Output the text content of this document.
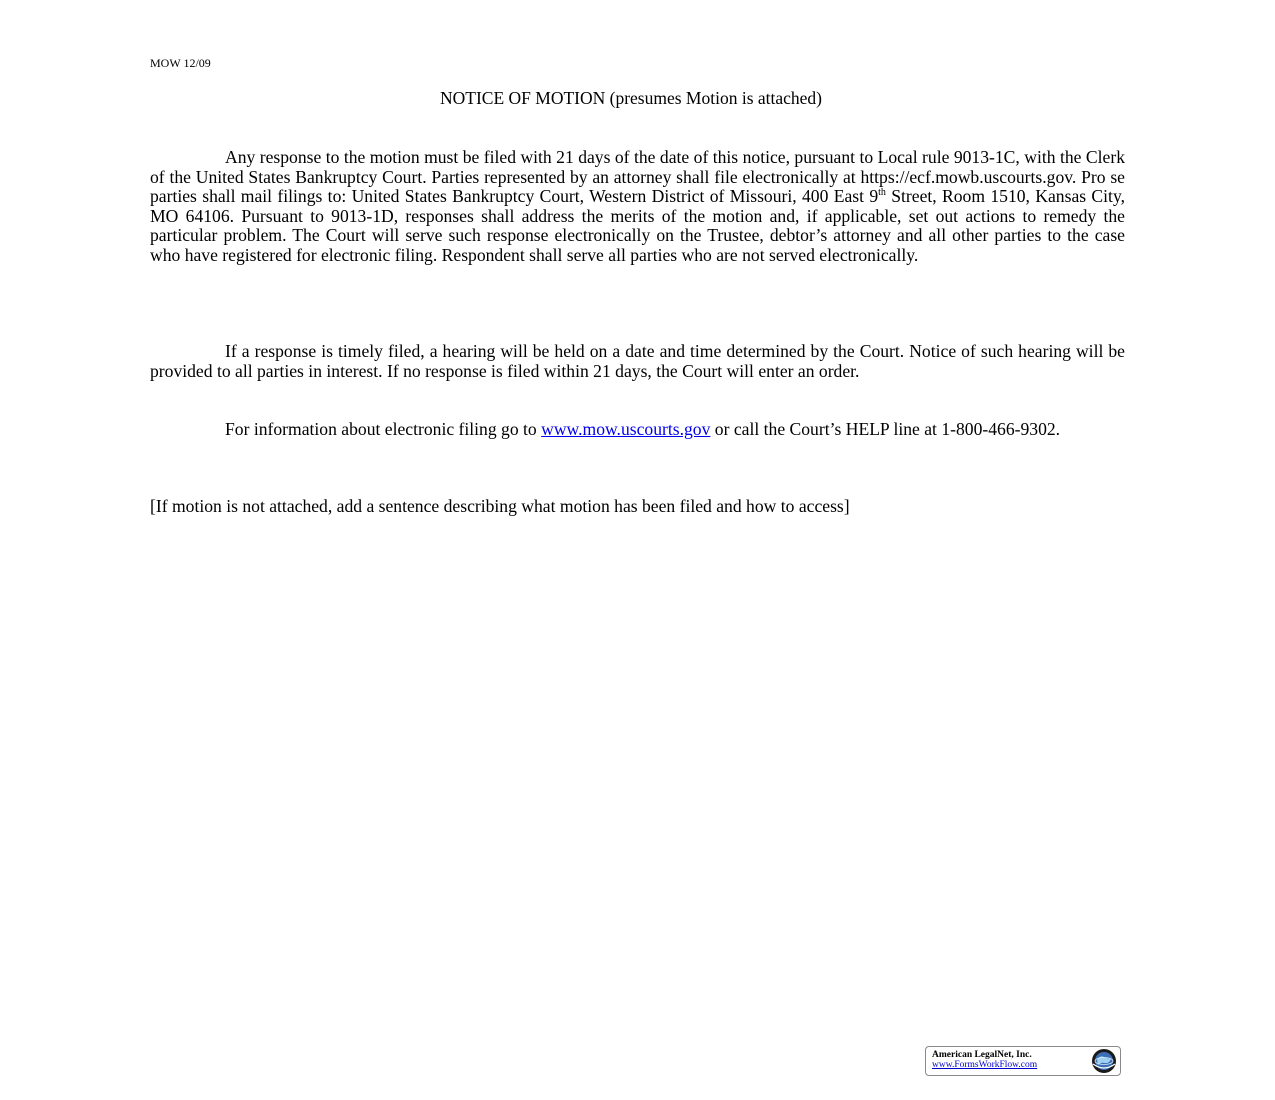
MOW 12/09
NOTICE OF MOTION (presumes Motion is attached)

Any response to the motion must be filed with 21 days of the date of this notice, pursuant to Local rule 9013-1C, with the Clerk of the United States Bankruptcy Court. Parties represented by an attorney shall file electronically at https://ecf.mowb.uscourts.gov. Pro se parties shall mail filings to: United States Bankruptcy Court, Western District of Missouri, 400 East 9th Street, Room 1510, Kansas City, MO 64106. Pursuant to 9013-1D, responses shall address the merits of the motion and, if applicable, set out actions to remedy the particular problem. The Court will serve such response electronically on the Trustee, debtor’s attorney and all other parties to the case who have registered for electronic filing. Respondent shall serve all parties who are not served electronically.

If a response is timely filed, a hearing will be held on a date and time determined by the Court. Notice of such hearing will be provided to all parties in interest. If no response is filed within 21 days, the Court will enter an order.

For information about electronic filing go to www.mow.uscourts.gov or call the Court’s HELP line at 1-800-466-9302.

[If motion is not attached, add a sentence describing what motion has been filed and how to access]

American LegalNet, Inc.
www.FormsWorkFlow.com
